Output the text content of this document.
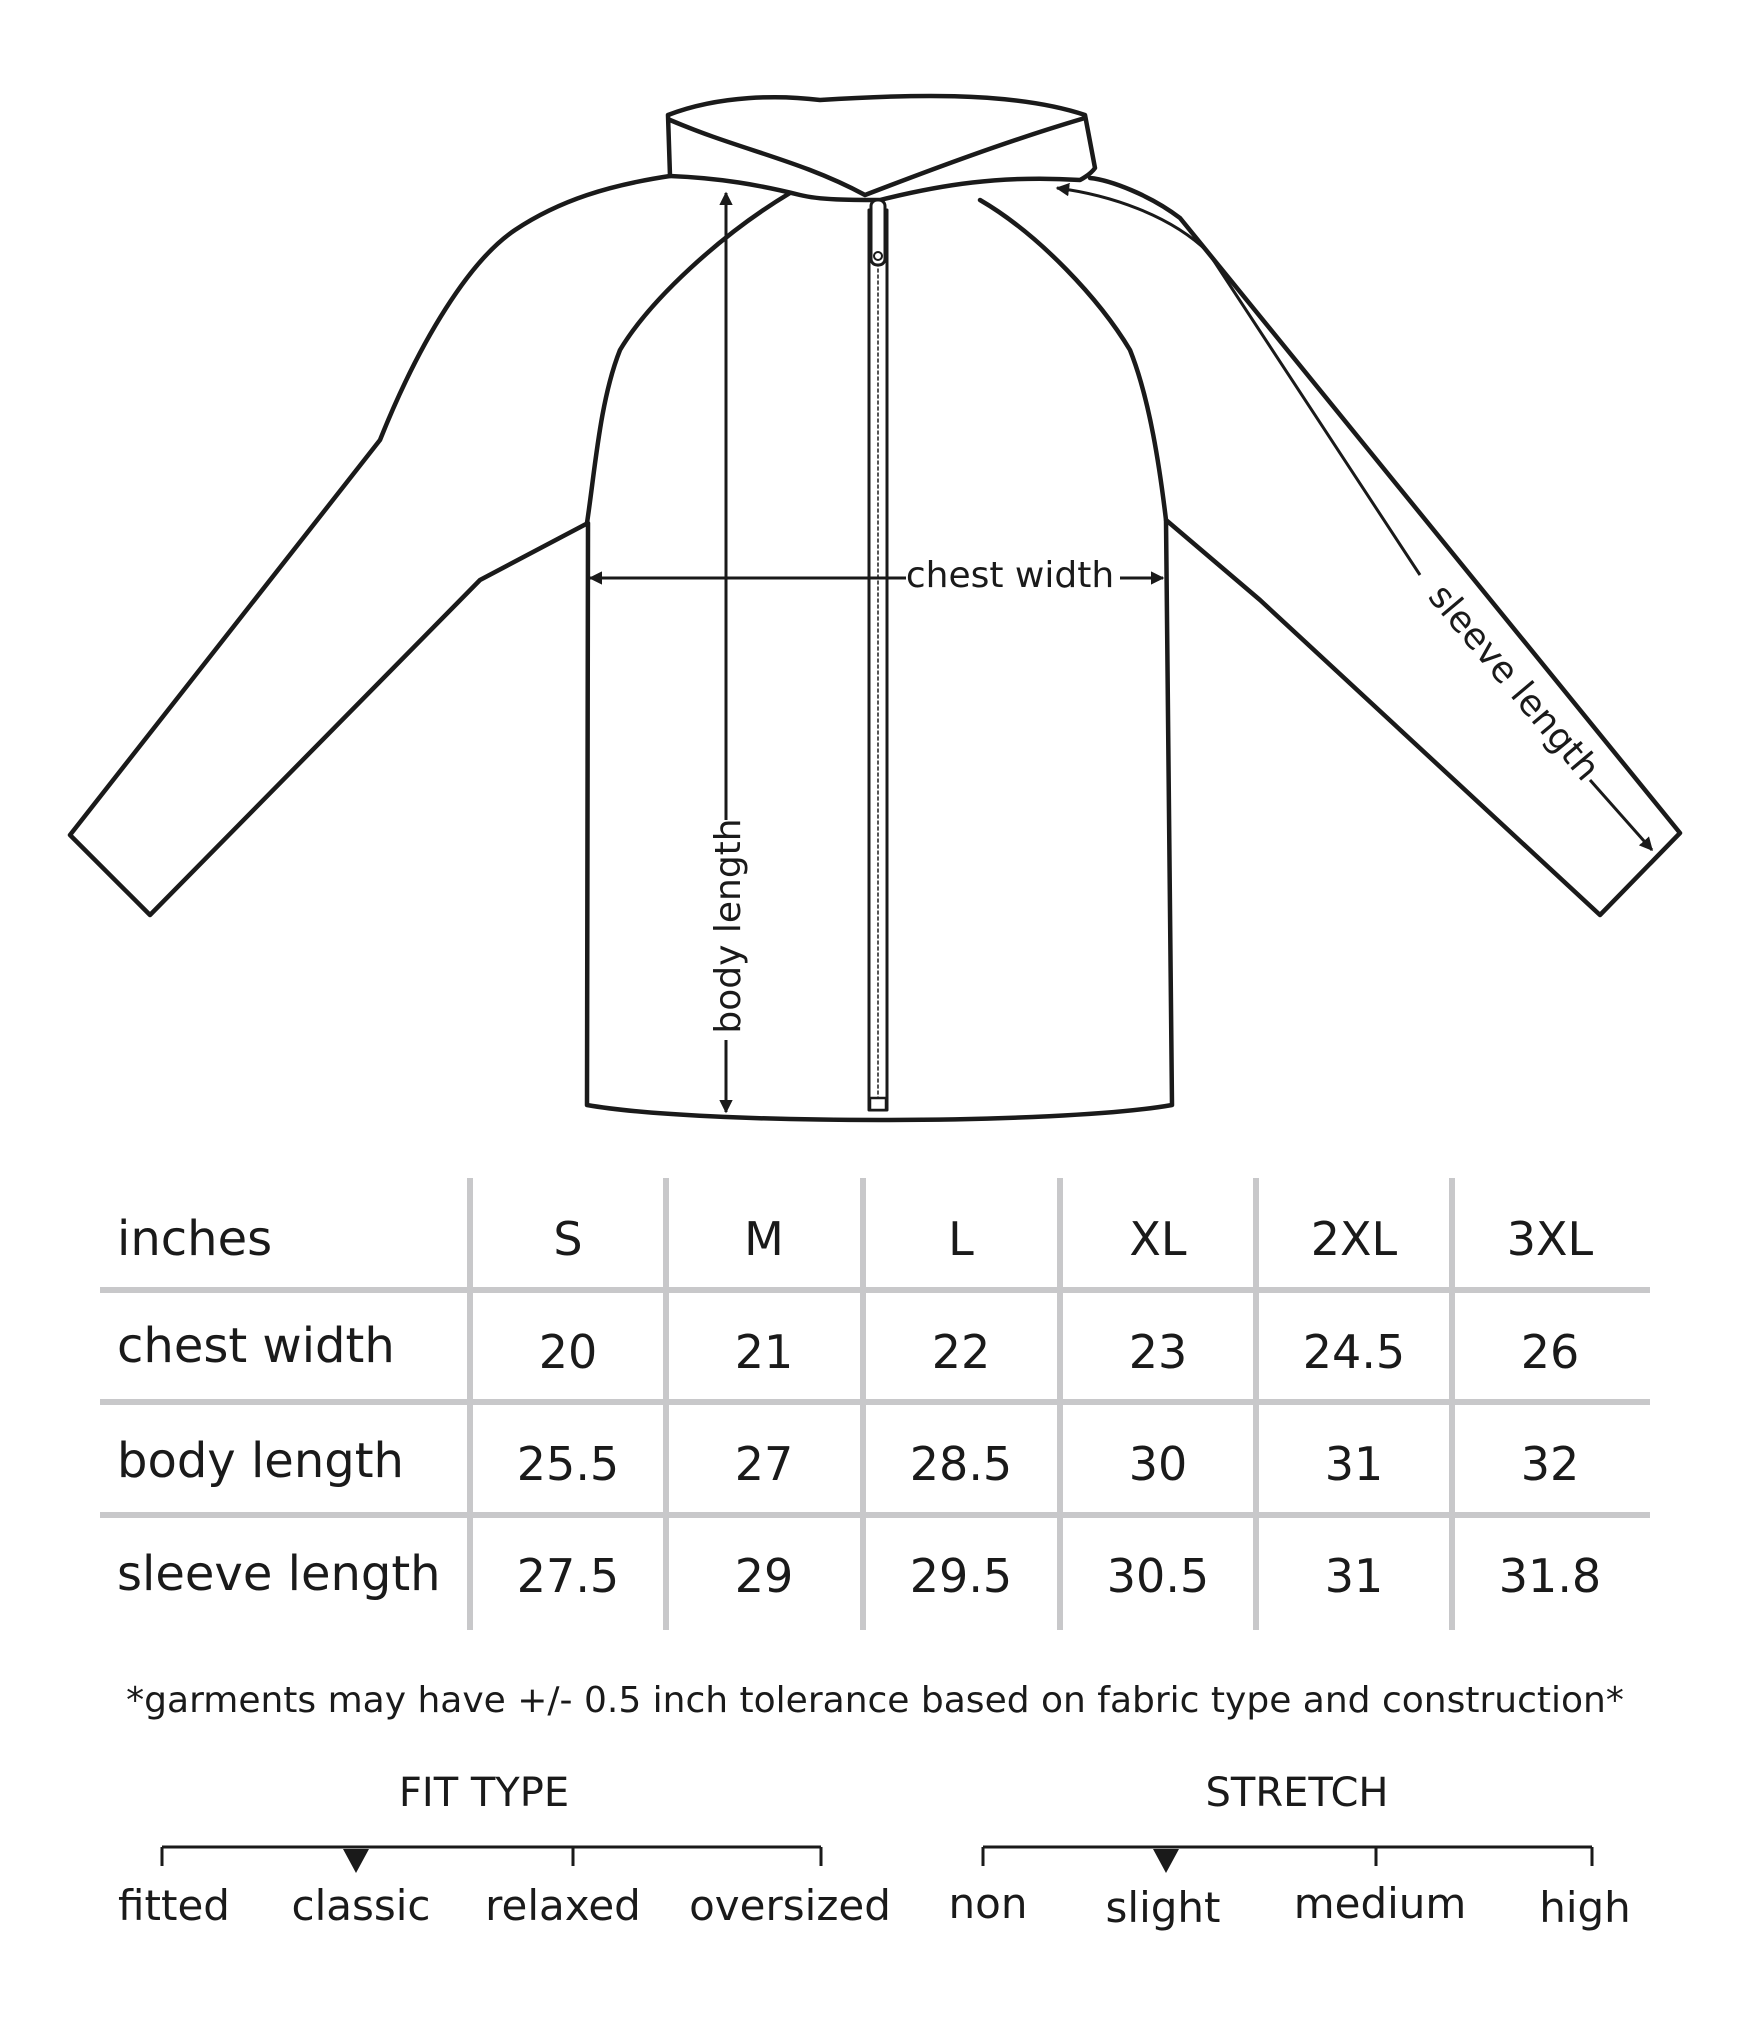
chest width
body length
sleeve length
inches	S	M	L	XL	2XL 3XL
chest width	20	21	22	23	24.5	26
body length 25.5	27	28.5	30	31	32
sleeve length 27.5	29	29.5 30.5	31	31.8
*garments may have +/- 0.5 inch tolerance based on fabric type and construction*
FIT TYPE
fitted classic relaxed oversized
STRETCH
non slight medium high
